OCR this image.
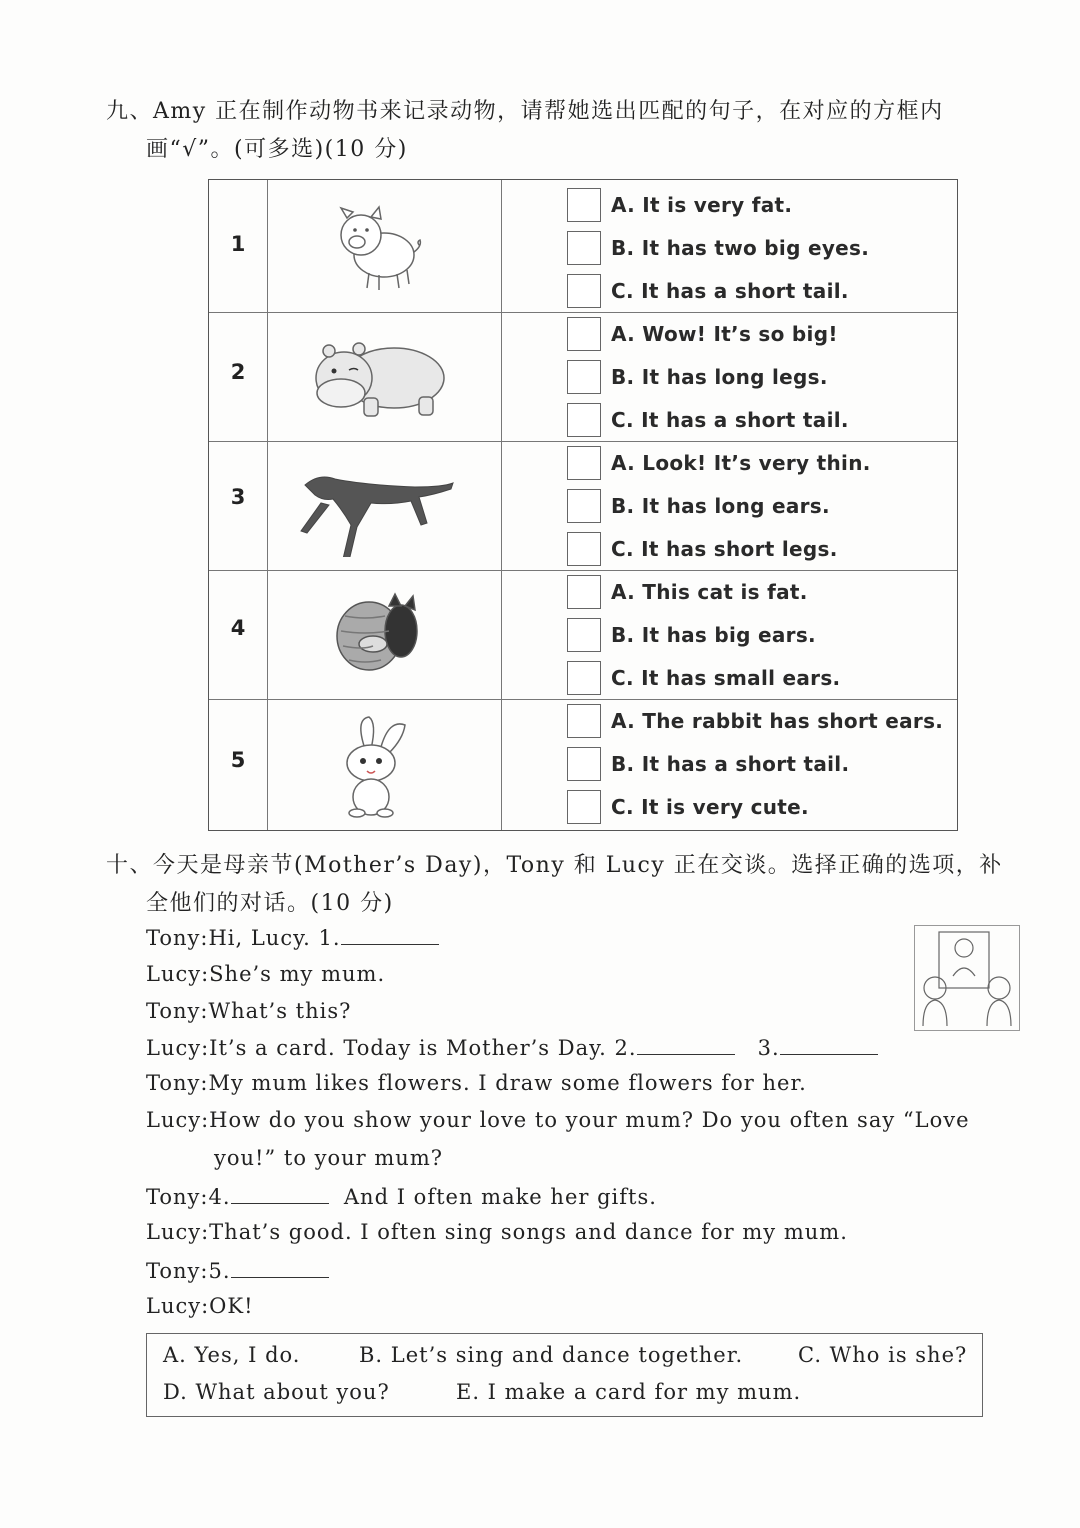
九、Amy 正在制作动物书来记录动物，请帮她选出匹配的句子，在对应的方框内
画“√”。(可多选)(10 分)
1
A. It is very fat.
B. It has two big eyes.
C. It has a short tail.
2
A. Wow! It’s so big!
B. It has long legs.
C. It has a short tail.
3
A. Look! It’s very thin.
B. It has long ears.
C. It has short legs.
4
A. This cat is fat.
B. It has big ears.
C. It has small ears.
5
A. The rabbit has short ears.
B. It has a short tail.
C. It is very cute.
十、今天是母亲节(Mother’s Day)，Tony 和 Lucy 正在交谈。选择正确的选项，补
全他们的对话。(10 分)
Tony:Hi, Lucy. 1.
Lucy:She’s my mum.
Tony:What’s this?
Lucy:It’s a card. Today is Mother’s Day. 2.	3.
Tony:My mum likes flowers. I draw some flowers for her.
Lucy:How do you show your love to your mum? Do you often say “Love
you!” to your mum?
Tony:4.	And I often make her gifts.
Lucy:That’s good. I often sing songs and dance for my mum.
Tony:5.
Lucy:OK!
A. Yes, I do.	B. Let’s sing and dance together.	C. Who is she?
D. What about you?	E. I make a card for my mum.
